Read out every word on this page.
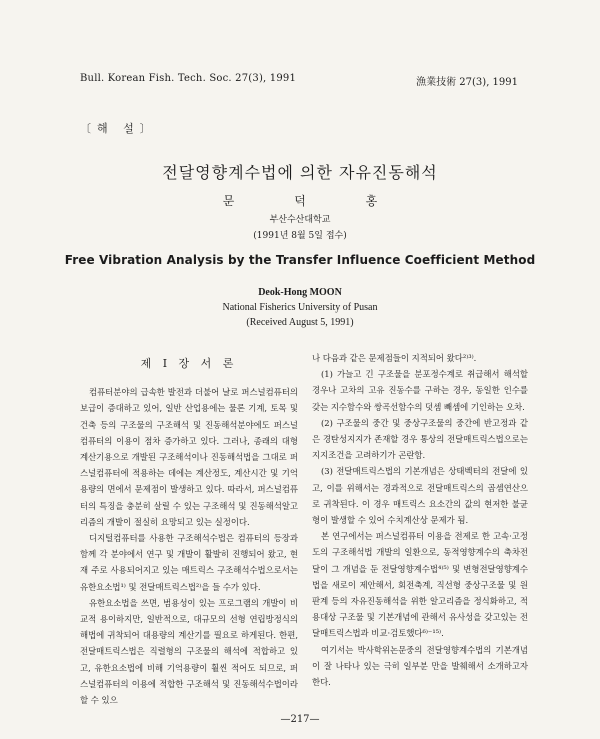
Bull. Korean Fish. Tech. Soc. 27(3), 1991	漁業技術 27(3), 1991
〔해 설〕
전달영향계수법에 의한 자유진동해석
문 덕 홍
부산수산대학교
(1991년 8월 5일 접수)
Free Vibration Analysis by the Transfer Influence Coefficient Method
Deok-Hong MOON
National Fisherics University of Pusan
(Received August 5, 1991)
제 Ⅰ 장 서 론

컴퓨터분야의 급속한 발전과 더불어 날로 퍼스널컴퓨터의 보급이 증대하고 있어, 일반 산업용에는 물론 기계, 토목 및 건축 등의 구조물의 구조해석 및 진동해석분야에도 퍼스널컴퓨터의 이용이 점차 증가하고 있다. 그러나, 종래의 대형계산기용으로 개발된 구조해석이나 진동해석법을 그대로 퍼스널컴퓨터에 적용하는 데에는 계산정도, 계산시간 및 기억용량의 면에서 문제점이 발생하고 있다. 따라서, 퍼스널컴퓨터의 특징을 충분히 살릴 수 있는 구조해석 및 진동해석알고리즘의 개발이 절실히 요망되고 있는 실정이다.

디지털컴퓨터를 사용한 구조해석수법은 컴퓨터의 등장과 함께 각 분야에서 연구 및 개발이 활발히 진행되어 왔고, 현재 주로 사용되어지고 있는 매트릭스 구조해석수법으로서는 유한요소법¹⁾ 및 전달매트릭스법²⁾을 들 수가 있다.

유한요소법을 쓰면, 범용성이 있는 프로그램의 개발이 비교적 용이하지만, 일반적으로, 대규모의 선형 연립방정식의 해법에 귀착되어 대용량의 계산기를 필요로 하게된다. 한편, 전달매트릭스법은 직렬형의 구조물의 해석에 적합하고 있고, 유한요소법에 비해 기억용량이 훨씬 적어도 되므로, 퍼스널컴퓨터의 이용에 적합한 구조해석 및 진동해석수법이라 할 수 있으

나 다음과 같은 문제점들이 지적되어 왔다²⁾³⁾.

(1) 가늘고 긴 구조물을 분포정수계로 취급해서 해석할 경우나 고차의 고유 진동수를 구하는 경우, 동일한 인수를 갖는 지수함수와 쌍곡선함수의 덧셈 빼셈에 기인하는 오차.

(2) 구조물의 중간 및 중상구조물의 중간에 반고정과 같은 경탄성지지가 존재할 경우 통상의 전달매트릭스법으로는 지지조건을 고려하기가 곤란함.

(3) 전달매트릭스법의 기본개념은 상태벡터의 전달에 있고, 이를 위해서는 경과적으로 전달매트릭스의 곱셈연산으로 귀착된다. 이 경우 매트릭스 요소간의 값의 현저한 불균형이 발생할 수 있어 수치계산상 문제가 됨.

본 연구에서는 퍼스널컴퓨터 이용을 전제로 한 고속·고정도의 구조해석법 개발의 일환으로, 동적영향계수의 축차전달이 그 개념을 둔 전달영향계수법⁴⁾⁵⁾ 및 변형전달영향계수법을 새로이 제안해서, 회전축계, 직선형 중상구조물 및 원판계 등의 자유진동해석을 위한 알고리즘을 정식화하고, 적용대상 구조물 및 기본개념에 관해서 유사성을 갖고있는 전달매트릭스법과 비교·검토했다⁶⁾⁻¹⁵⁾.

여기서는 박사학위논문중의 전달영향계수법의 기본개념이 잘 나타나 있는 극히 일부분 만을 발췌해서 소개하고자 한다.

—217—
